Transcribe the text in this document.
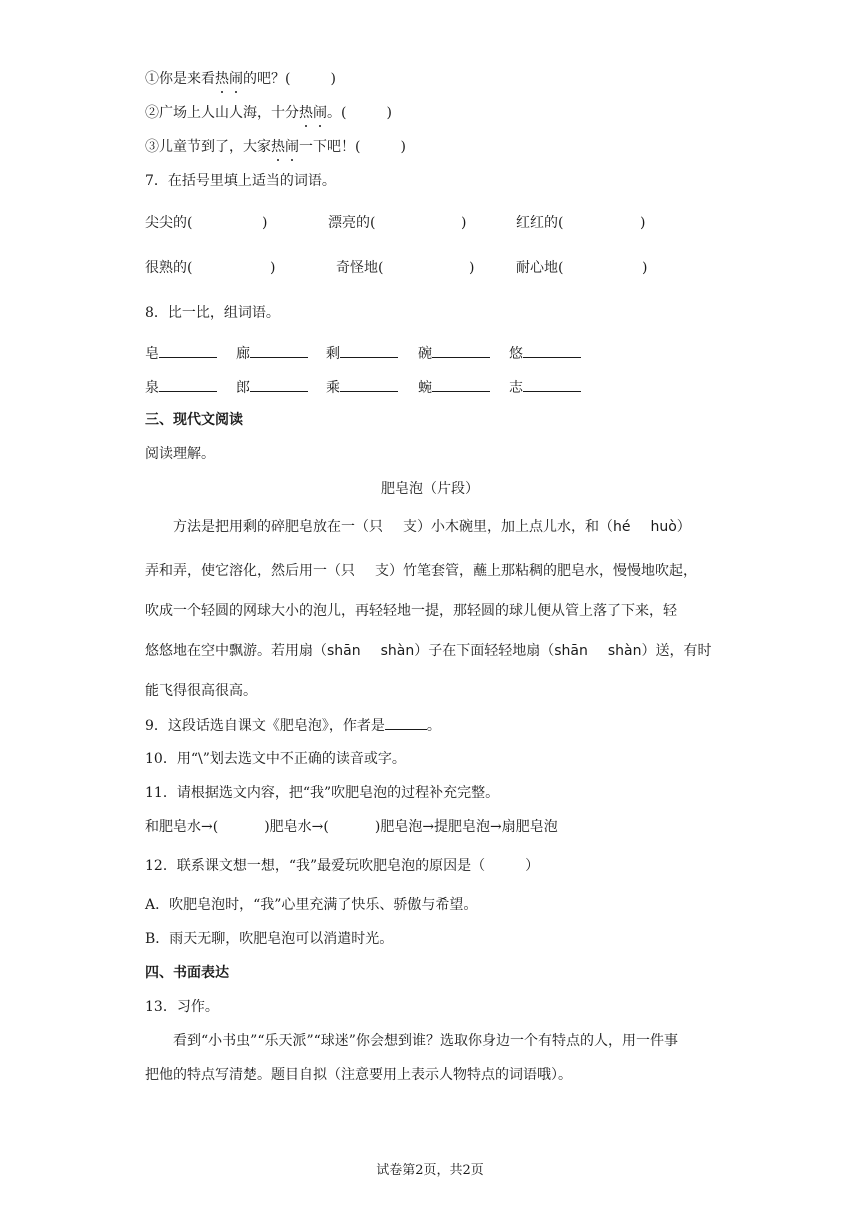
①你是来看热闹的吧？(	)
②广场上人山人海，十分热闹。(	)
③儿童节到了，大家热闹一下吧！(	)
7．在括号里填上适当的词语。
尖尖的(	)	漂亮的(	)	红红的(	)
很熟的(	)	奇怪地(	)	耐心地(	)
8．比一比，组词语。
皂	廊	剩	碗	悠
泉	郎	乘	蜿	志
三、现代文阅读
阅读理解。
肥皂泡（片段）
方法是把用剩的碎肥皂放在一（只 支）小木碗里，加上点儿水，和（hé huò）
弄和弄，使它溶化，然后用一（只 支）竹笔套管，蘸上那粘稠的肥皂水，慢慢地吹起，
吹成一个轻圆的网球大小的泡儿，再轻轻地一提，那轻圆的球儿便从管上落了下来，轻
悠悠地在空中飘游。若用扇（shān shàn）子在下面轻轻地扇（shān shàn）送，有时
能飞得很高很高。
9．这段话选自课文《肥皂泡》，作者是	。
10．用“\”划去选文中不正确的读音或字。
11．请根据选文内容，把“我”吹肥皂泡的过程补充完整。
和肥皂水→(	)肥皂水→(	)肥皂泡→提肥皂泡→扇肥皂泡
12．联系课文想一想，“我”最爱玩吹肥皂泡的原因是（	）
A．吹肥皂泡时，“我”心里充满了快乐、骄傲与希望。
B．雨天无聊，吹肥皂泡可以消遣时光。
四、书面表达
13．习作。
看到“小书虫”“乐天派”“球迷”你会想到谁？选取你身边一个有特点的人，用一件事
把他的特点写清楚。题目自拟（注意要用上表示人物特点的词语哦）。
试卷第2页，共2页
